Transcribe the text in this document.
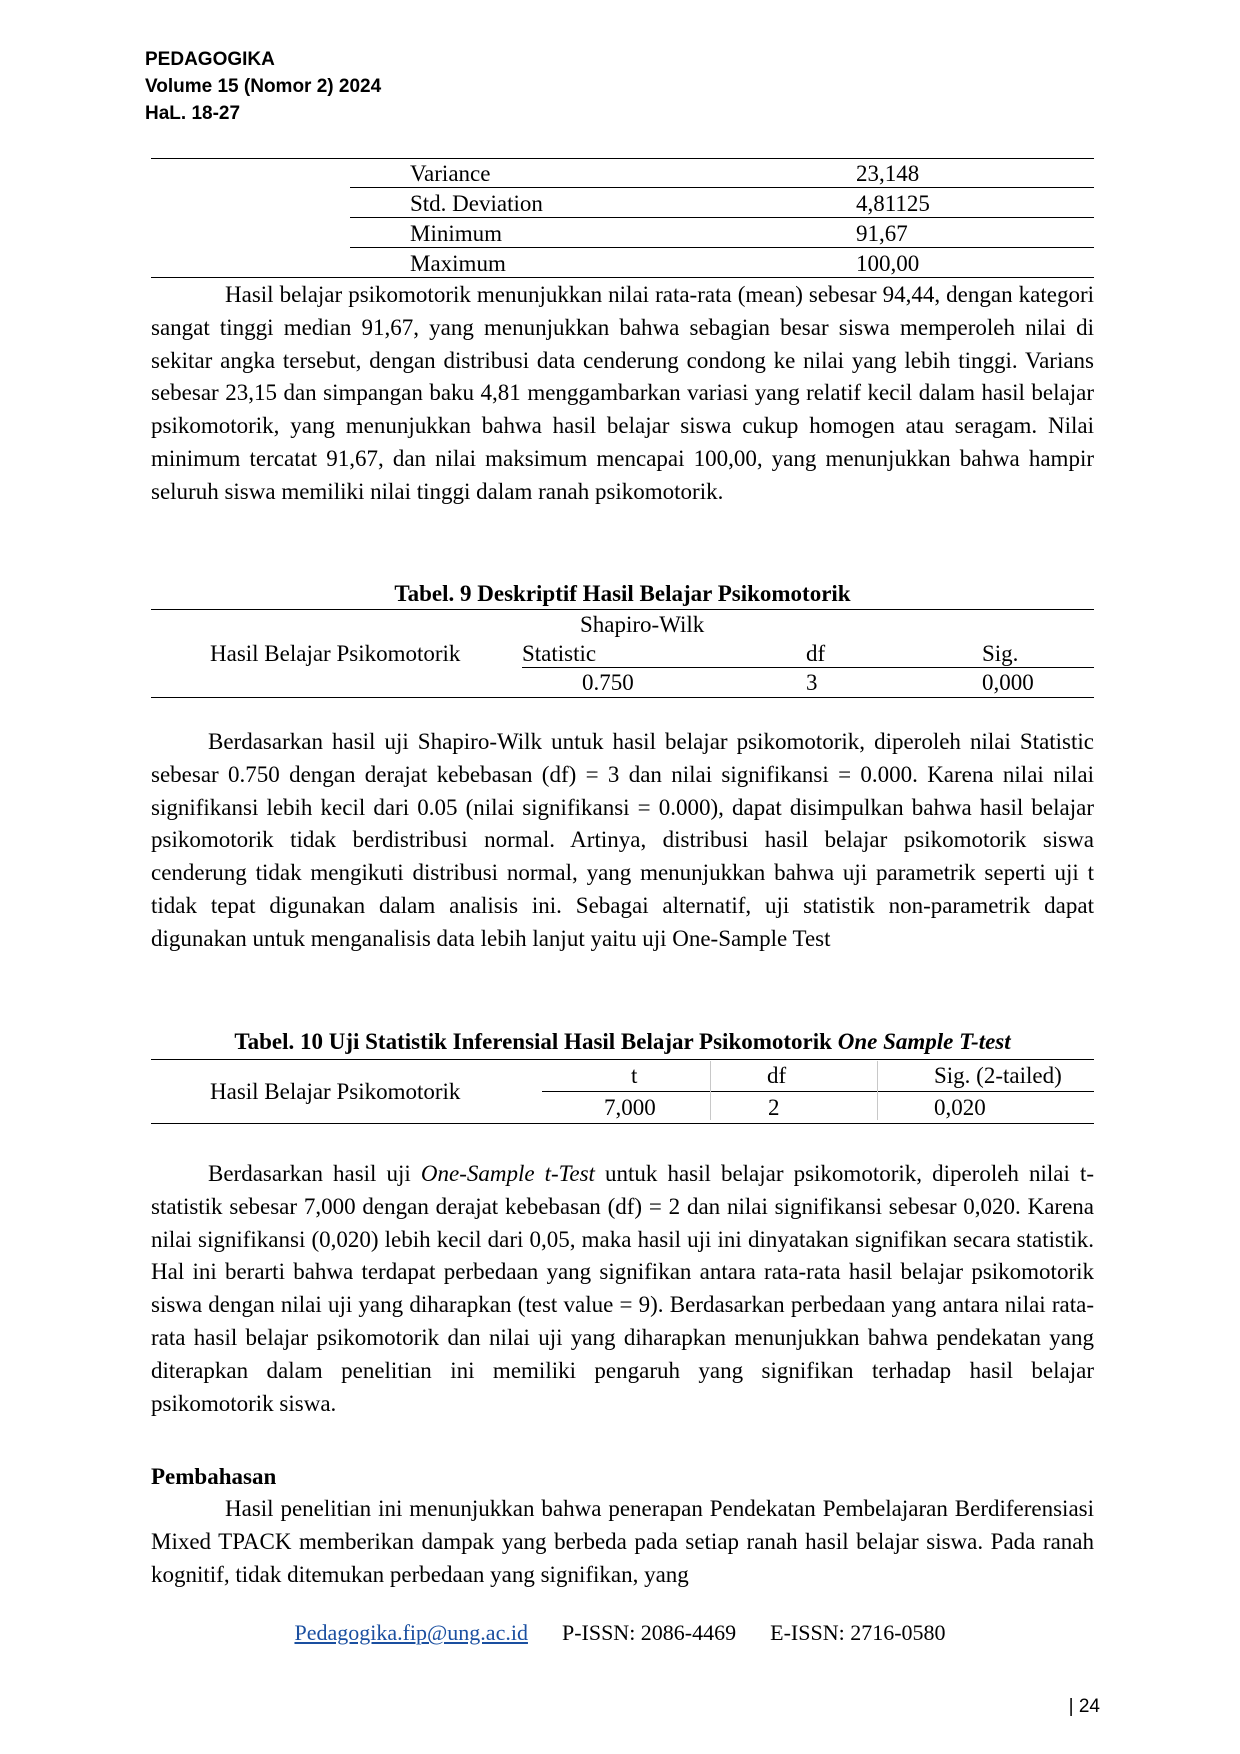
PEDAGOGIKA
Volume 15 (Nomor 2) 2024
HaL. 18-27
Variance	23,148
Std. Deviation	4,81125
Minimum	91,67
Maximum	100,00

Hasil belajar psikomotorik menunjukkan nilai rata-rata (mean) sebesar 94,44, dengan kategori sangat tinggi median 91,67, yang menunjukkan bahwa sebagian besar siswa memperoleh nilai di sekitar angka tersebut, dengan distribusi data cenderung condong ke nilai yang lebih tinggi. Varians sebesar 23,15 dan simpangan baku 4,81 menggambarkan variasi yang relatif kecil dalam hasil belajar psikomotorik, yang menunjukkan bahwa hasil belajar siswa cukup homogen atau seragam. Nilai minimum tercatat 91,67, dan nilai maksimum mencapai 100,00, yang menunjukkan bahwa hampir seluruh siswa memiliki nilai tinggi dalam ranah psikomotorik.

Tabel. 9 Deskriptif Hasil Belajar Psikomotorik
Shapiro-Wilk
Hasil Belajar Psikomotorik	Statistic	df	Sig.
0.750	3	0,000

Berdasarkan hasil uji Shapiro-Wilk untuk hasil belajar psikomotorik, diperoleh nilai Statistic sebesar 0.750 dengan derajat kebebasan (df) = 3 dan nilai signifikansi = 0.000. Karena nilai nilai signifikansi lebih kecil dari 0.05 (nilai signifikansi = 0.000), dapat disimpulkan bahwa hasil belajar psikomotorik tidak berdistribusi normal. Artinya, distribusi hasil belajar psikomotorik siswa cenderung tidak mengikuti distribusi normal, yang menunjukkan bahwa uji parametrik seperti uji t tidak tepat digunakan dalam analisis ini. Sebagai alternatif, uji statistik non-parametrik dapat digunakan untuk menganalisis data lebih lanjut yaitu uji One-Sample Test

Tabel. 10 Uji Statistik Inferensial Hasil Belajar Psikomotorik One Sample T-test
Hasil Belajar Psikomotorik
t	df	Sig. (2-tailed)
7,000	2	0,020

Berdasarkan hasil uji One-Sample t-Test untuk hasil belajar psikomotorik, diperoleh nilai t-statistik sebesar 7,000 dengan derajat kebebasan (df) = 2 dan nilai signifikansi sebesar 0,020. Karena nilai signifikansi (0,020) lebih kecil dari 0,05, maka hasil uji ini dinyatakan signifikan secara statistik. Hal ini berarti bahwa terdapat perbedaan yang signifikan antara rata-rata hasil belajar psikomotorik siswa dengan nilai uji yang diharapkan (test value = 9). Berdasarkan perbedaan yang antara nilai rata-rata hasil belajar psikomotorik dan nilai uji yang diharapkan menunjukkan bahwa pendekatan yang diterapkan dalam penelitian ini memiliki pengaruh yang signifikan terhadap hasil belajar psikomotorik siswa.

Pembahasan

Hasil penelitian ini menunjukkan bahwa penerapan Pendekatan Pembelajaran Berdiferensiasi Mixed TPACK memberikan dampak yang berbeda pada setiap ranah hasil belajar siswa. Pada ranah kognitif, tidak ditemukan perbedaan yang signifikan, yang

Pedagogika.fip@ung.ac.id P-ISSN: 2086-4469 E-ISSN: 2716-0580
| 24
